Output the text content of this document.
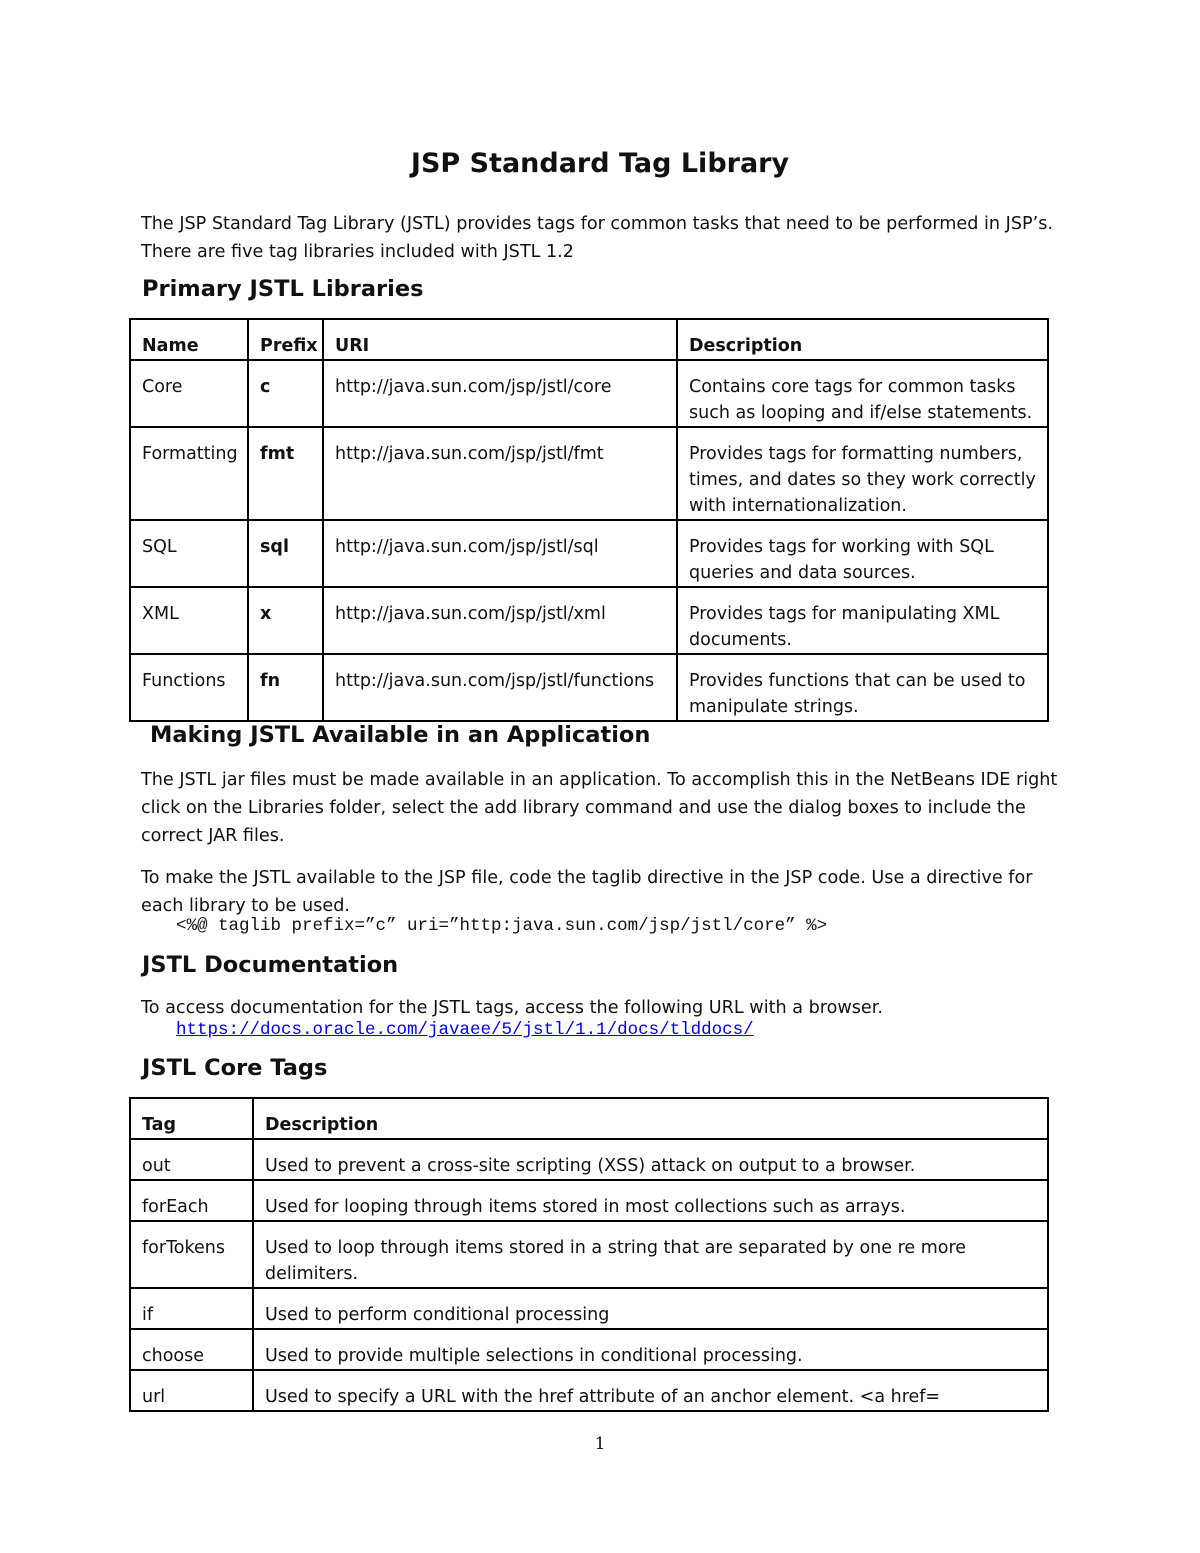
JSP Standard Tag Library

The JSP Standard Tag Library (JSTL) provides tags for common tasks that need to be performed in JSP’s.
There are five tag libraries included with JSTL 1.2

Primary JSTL Libraries
Name	Prefix	URI	Description
Core	c	http://java.sun.com/jsp/jstl/core	Contains core tags for common tasks such as looping and if/else statements.
Formatting	fmt	http://java.sun.com/jsp/jstl/fmt	Provides tags for formatting numbers, times, and dates so they work correctly with internationalization.
SQL	sql	http://java.sun.com/jsp/jstl/sql	Provides tags for working with SQL queries and data sources.
XML	x	http://java.sun.com/jsp/jstl/xml	Provides tags for manipulating XML documents.
Functions	fn	http://java.sun.com/jsp/jstl/functions	Provides functions that can be used to manipulate strings.
Making JSTL Available in an Application

The JSTL jar files must be made available in an application. To accomplish this in the NetBeans IDE right click on the Libraries folder, select the add library command and use the dialog boxes to include the correct JAR files.

To make the JSTL available to the JSP file, code the taglib directive in the JSP code. Use a directive for each library to be used.

<%@ taglib prefix=”c” uri=”http:java.sun.com/jsp/jstl/core” %>
JSTL Documentation

To access documentation for the JSTL tags, access the following URL with a browser.

https://docs.oracle.com/javaee/5/jstl/1.1/docs/tlddocs/
JSTL Core Tags
Tag	Description
out	Used to prevent a cross-site scripting (XSS) attack on output to a browser.
forEach	Used for looping through items stored in most collections such as arrays.
forTokens	Used to loop through items stored in a string that are separated by one re more delimiters.
if	Used to perform conditional processing
choose	Used to provide multiple selections in conditional processing.
url	Used to specify a URL with the href attribute of an anchor element. <a href=
1
